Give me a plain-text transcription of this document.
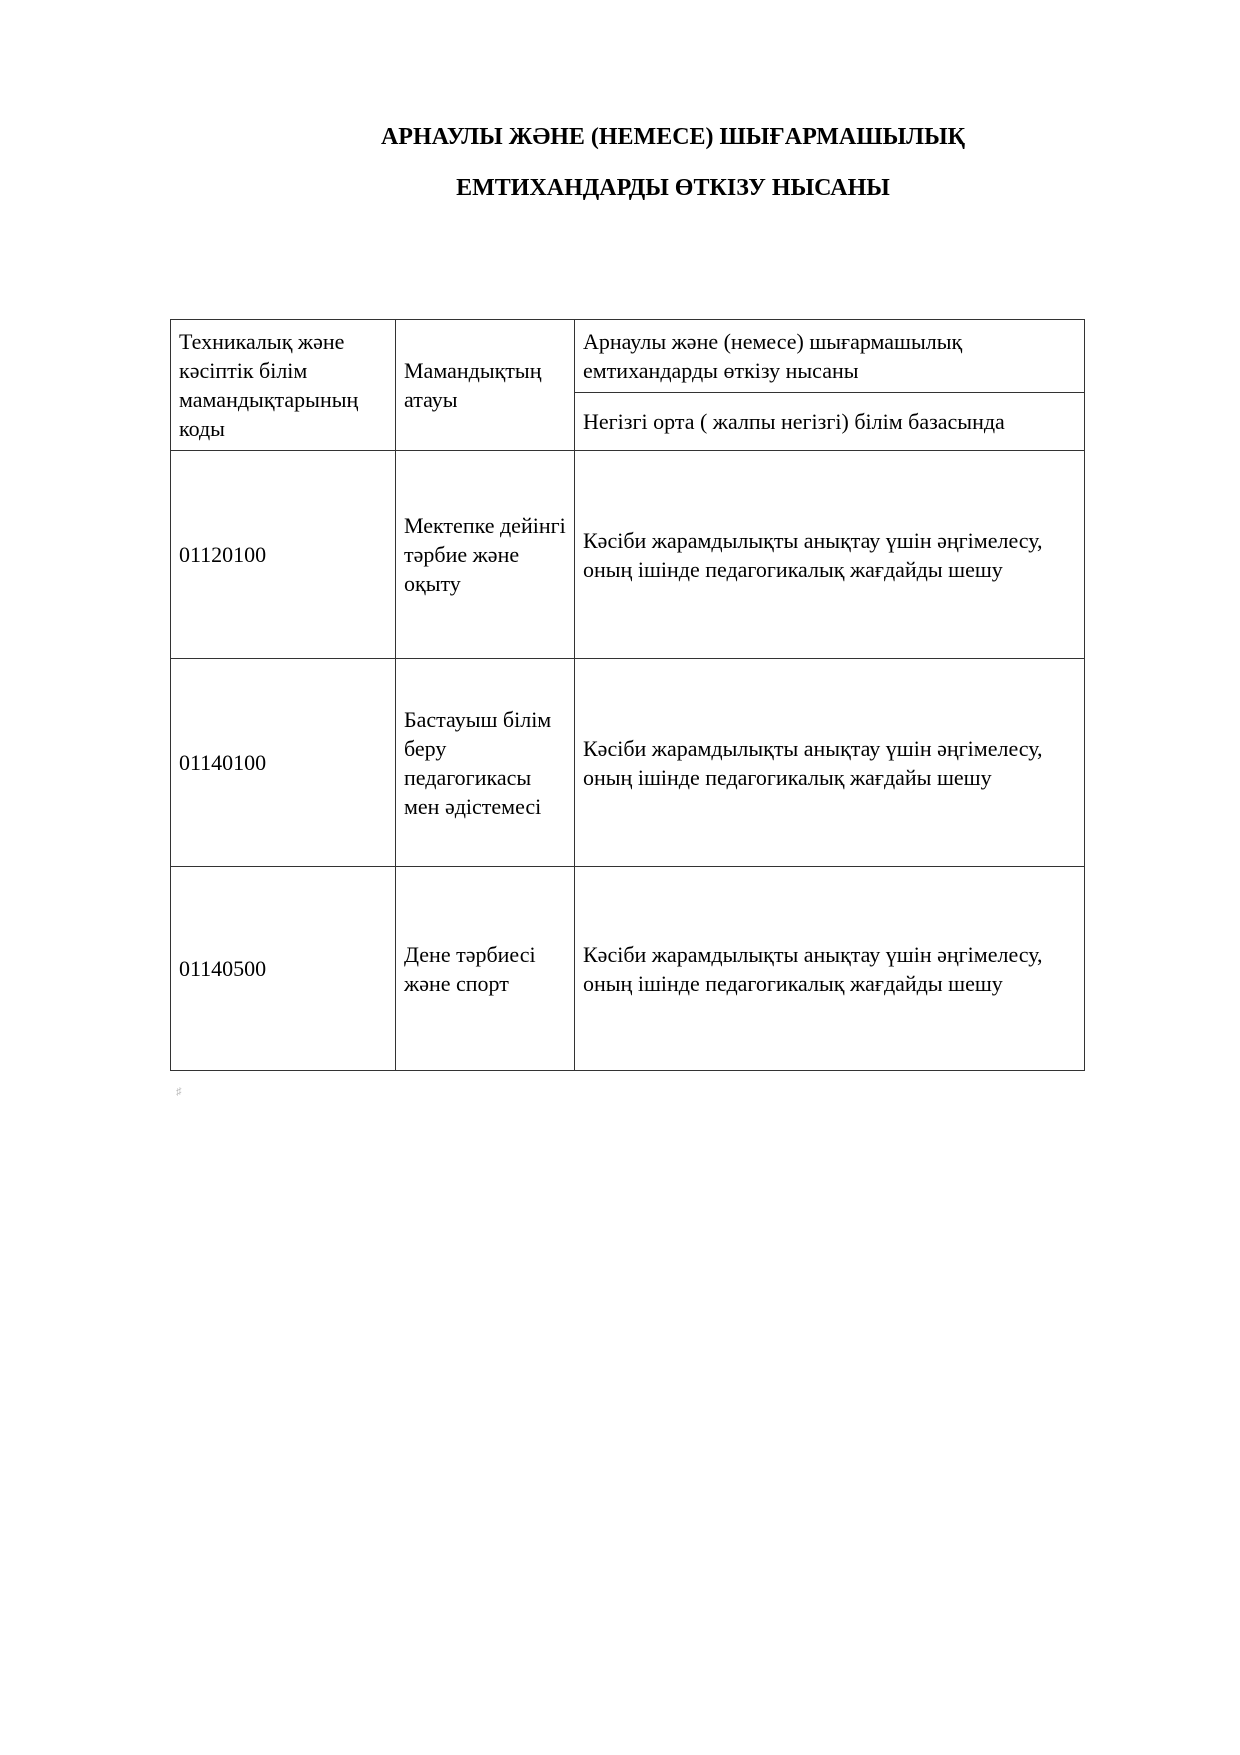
АРНАУЛЫ ЖӘНЕ (НЕМЕСЕ) ШЫҒАРМАШЫЛЫҚ
ЕМТИХАНДАРДЫ ӨТКІЗУ НЫСАНЫ
Техникалық және кәсіптік білім мамандықтарының коды	Мамандықтың атауы	Арнаулы және (немесе) шығармашылық емтихандарды өткізу нысаны
		Негізгі орта ( жалпы негізгі) білім базасында
01120100	Мектепке дейінгі тәрбие және оқыту	Кәсіби жарамдылықты анықтау үшін әңгімелесу, оның ішінде педагогикалық жағдайды шешу
01140100	Бастауыш білім беру педагогикасы мен әдістемесі	Кәсіби жарамдылықты анықтау үшін әңгімелесу, оның ішінде педагогикалық жағдайы шешу
01140500	Дене тәрбиесі және спорт	Кәсіби жарамдылықты анықтау үшін әңгімелесу, оның ішінде педагогикалық жағдайды шешу
♯
